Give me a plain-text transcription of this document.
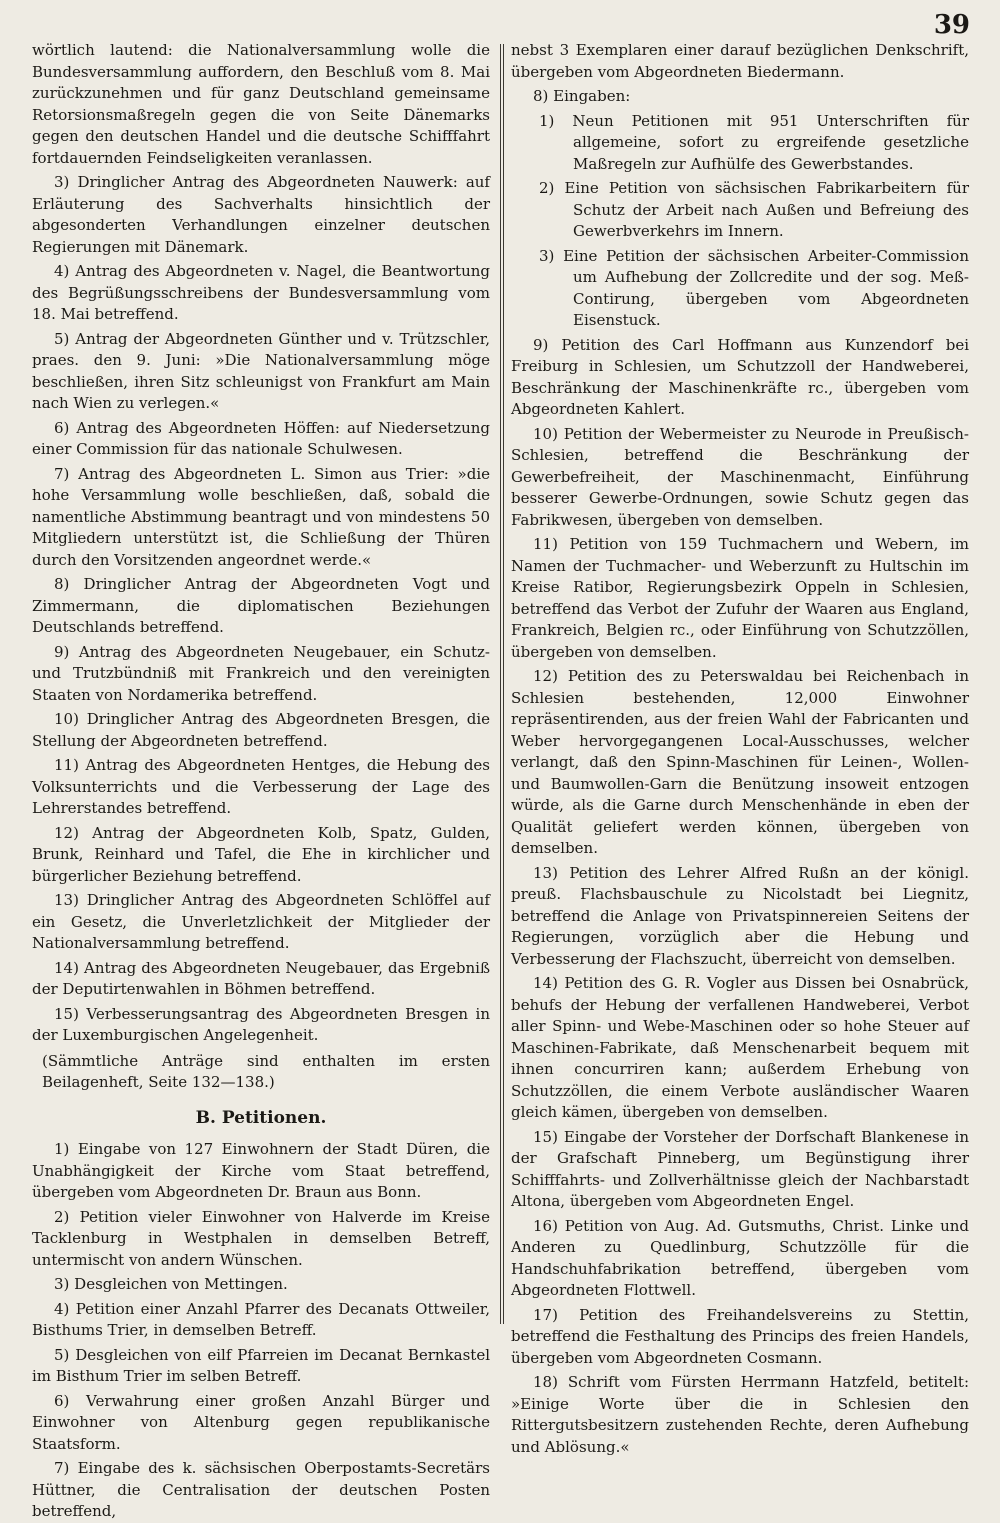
39

wörtlich lautend: die Nationalversammlung wolle die Bundesversammlung auffordern, den Beschluß vom 8. Mai zurückzunehmen und für ganz Deutschland gemeinsame Retorsionsmaßregeln gegen die von Seite Dänemarks gegen den deutschen Handel und die deutsche Schifffahrt fortdauernden Feindseligkeiten veranlassen.

3) Dringlicher Antrag des Abgeordneten Nauwerk: auf Erläuterung des Sachverhalts hinsichtlich der abgesonderten Verhandlungen einzelner deutschen Regierungen mit Dänemark.

4) Antrag des Abgeordneten v. Nagel, die Beantwortung des Begrüßungsschreibens der Bundesversammlung vom 18. Mai betreffend.

5) Antrag der Abgeordneten Günther und v. Trützschler, praes. den 9. Juni: »Die Nationalversammlung möge beschließen, ihren Sitz schleunigst von Frankfurt am Main nach Wien zu verlegen.«

6) Antrag des Abgeordneten Höffen: auf Niedersetzung einer Commission für das nationale Schulwesen.

7) Antrag des Abgeordneten L. Simon aus Trier: »die hohe Versammlung wolle beschließen, daß, sobald die namentliche Abstimmung beantragt und von mindestens 50 Mitgliedern unterstützt ist, die Schließung der Thüren durch den Vorsitzenden angeordnet werde.«

8) Dringlicher Antrag der Abgeordneten Vogt und Zimmermann, die diplomatischen Beziehungen Deutschlands betreffend.

9) Antrag des Abgeordneten Neugebauer, ein Schutz- und Trutzbündniß mit Frankreich und den vereinigten Staaten von Nordamerika betreffend.

10) Dringlicher Antrag des Abgeordneten Bresgen, die Stellung der Abgeordneten betreffend.

11) Antrag des Abgeordneten Hentges, die Hebung des Volksunterrichts und die Verbesserung der Lage des Lehrerstandes betreffend.

12) Antrag der Abgeordneten Kolb, Spatz, Gulden, Brunk, Reinhard und Tafel, die Ehe in kirchlicher und bürgerlicher Beziehung betreffend.

13) Dringlicher Antrag des Abgeordneten Schlöffel auf ein Gesetz, die Unverletzlichkeit der Mitglieder der Nationalversammlung betreffend.

14) Antrag des Abgeordneten Neugebauer, das Ergebniß der Deputirtenwahlen in Böhmen betreffend.

15) Verbesserungsantrag des Abgeordneten Bresgen in der Luxemburgischen Angelegenheit.

(Sämmtliche Anträge sind enthalten im ersten Beilagenheft, Seite 132—138.)

B. Petitionen.

1) Eingabe von 127 Einwohnern der Stadt Düren, die Unabhängigkeit der Kirche vom Staat betreffend, übergeben vom Abgeordneten Dr. Braun aus Bonn.

2) Petition vieler Einwohner von Halverde im Kreise Tacklenburg in Westphalen in demselben Betreff, untermischt von andern Wünschen.

3) Desgleichen von Mettingen.

4) Petition einer Anzahl Pfarrer des Decanats Ottweiler, Bisthums Trier, in demselben Betreff.

5) Desgleichen von eilf Pfarreien im Decanat Bernkastel im Bisthum Trier im selben Betreff.

6) Verwahrung einer großen Anzahl Bürger und Einwohner von Altenburg gegen republikanische Staatsform.

7) Eingabe des k. sächsischen Oberpostamts-Secretärs Hüttner, die Centralisation der deutschen Posten betreffend,

nebst 3 Exemplaren einer darauf bezüglichen Denkschrift, übergeben vom Abgeordneten Biedermann.

8) Eingaben:

1) Neun Petitionen mit 951 Unterschriften für allgemeine, sofort zu ergreifende gesetzliche Maßregeln zur Aufhülfe des Gewerbstandes.

2) Eine Petition von sächsischen Fabrikarbeitern für Schutz der Arbeit nach Außen und Befreiung des Gewerbverkehrs im Innern.

3) Eine Petition der sächsischen Arbeiter-Commission um Aufhebung der Zollcredite und der sog. Meß-Contirung, übergeben vom Abgeordneten Eisenstuck.

9) Petition des Carl Hoffmann aus Kunzendorf bei Freiburg in Schlesien, um Schutzzoll der Handweberei, Beschränkung der Maschinenkräfte rc., übergeben vom Abgeordneten Kahlert.

10) Petition der Webermeister zu Neurode in Preußisch-Schlesien, betreffend die Beschränkung der Gewerbefreiheit, der Maschinenmacht, Einführung besserer Gewerbe-Ordnungen, sowie Schutz gegen das Fabrikwesen, übergeben von demselben.

11) Petition von 159 Tuchmachern und Webern, im Namen der Tuchmacher- und Weberzunft zu Hultschin im Kreise Ratibor, Regierungsbezirk Oppeln in Schlesien, betreffend das Verbot der Zufuhr der Waaren aus England, Frankreich, Belgien rc., oder Einführung von Schutzzöllen, übergeben von demselben.

12) Petition des zu Peterswaldau bei Reichenbach in Schlesien bestehenden, 12,000 Einwohner repräsentirenden, aus der freien Wahl der Fabricanten und Weber hervorgegangenen Local-Ausschusses, welcher verlangt, daß den Spinn-Maschinen für Leinen-, Wollen- und Baumwollen-Garn die Benützung insoweit entzogen würde, als die Garne durch Menschenhände in eben der Qualität geliefert werden können, übergeben von demselben.

13) Petition des Lehrer Alfred Rußn an der königl. preuß. Flachsbauschule zu Nicolstadt bei Liegnitz, betreffend die Anlage von Privatspinnereien Seitens der Regierungen, vorzüglich aber die Hebung und Verbesserung der Flachszucht, überreicht von demselben.

14) Petition des G. R. Vogler aus Dissen bei Osnabrück, behufs der Hebung der verfallenen Handweberei, Verbot aller Spinn- und Webe-Maschinen oder so hohe Steuer auf Maschinen-Fabrikate, daß Menschenarbeit bequem mit ihnen concurriren kann; außerdem Erhebung von Schutzzöllen, die einem Verbote ausländischer Waaren gleich kämen, übergeben von demselben.

15) Eingabe der Vorsteher der Dorfschaft Blankenese in der Grafschaft Pinneberg, um Begünstigung ihrer Schifffahrts- und Zollverhältnisse gleich der Nachbarstadt Altona, übergeben vom Abgeordneten Engel.

16) Petition von Aug. Ad. Gutsmuths, Christ. Linke und Anderen zu Quedlinburg, Schutzzölle für die Handschuhfabrikation betreffend, übergeben vom Abgeordneten Flottwell.

17) Petition des Freihandelsvereins zu Stettin, betreffend die Festhaltung des Princips des freien Handels, übergeben vom Abgeordneten Cosmann.

18) Schrift vom Fürsten Herrmann Hatzfeld, betitelt: »Einige Worte über die in Schlesien den Rittergutsbesitzern zustehenden Rechte, deren Aufhebung und Ablösung.«
